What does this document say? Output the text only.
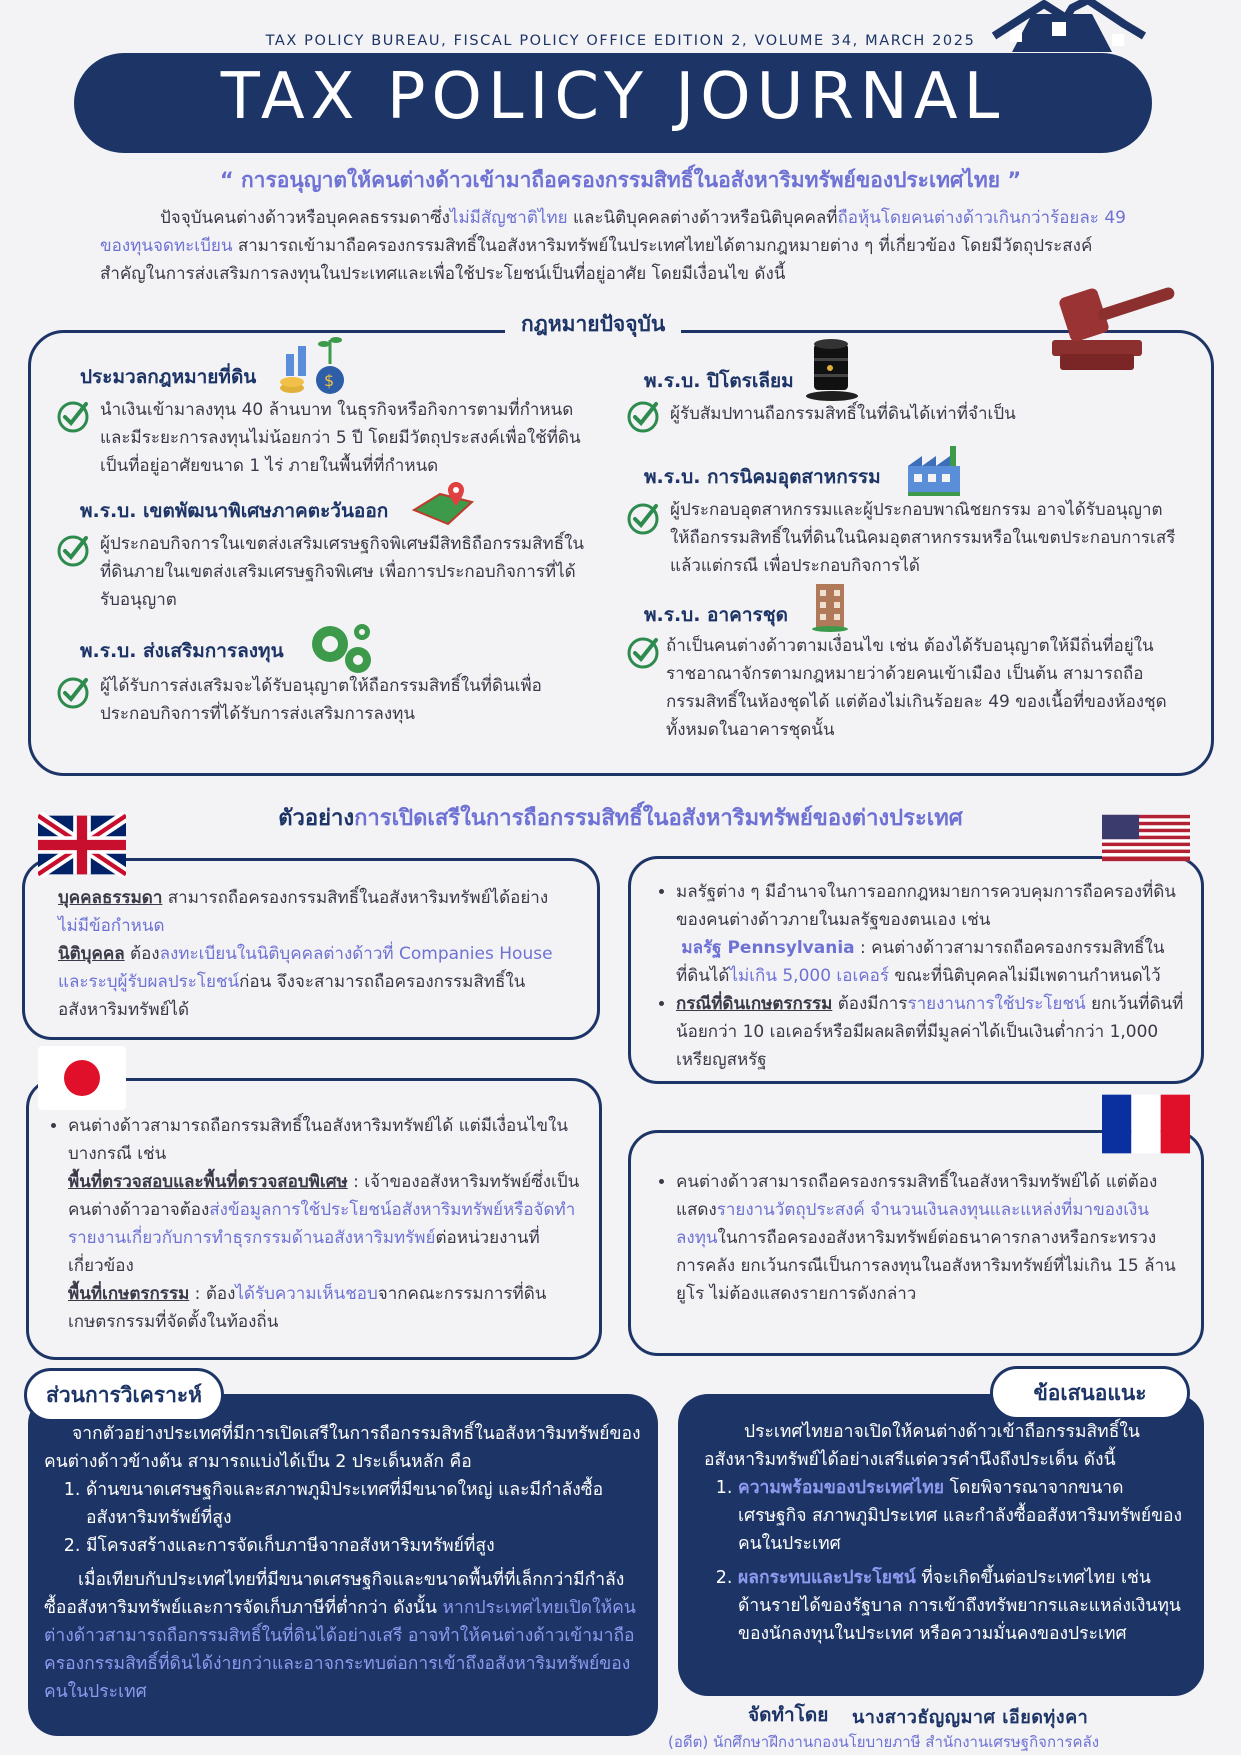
TAX POLICY BUREAU, FISCAL POLICY OFFICE EDITION 2, VOLUME 34, MARCH 2025
TAX POLICY JOURNAL
“ การอนุญาตให้คนต่างด้าวเข้ามาถือครองกรรมสิทธิ์ในอสังหาริมทรัพย์ของประเทศไทย ”

ปัจจุบันคนต่างด้าวหรือบุคคลธรรมดาซึ่งไม่มีสัญชาติไทย และนิติบุคคลต่างด้าวหรือนิติบุคคลที่ถือหุ้นโดยคนต่างด้าวเกินกว่าร้อยละ 49 ของทุนจดทะเบียน สามารถเข้ามาถือครองกรรมสิทธิ์ในอสังหาริมทรัพย์ในประเทศไทยได้ตามกฎหมายต่าง ๆ ที่เกี่ยวข้อง โดยมีวัตถุประสงค์สำคัญในการส่งเสริมการลงทุนในประเทศและเพื่อใช้ประโยชน์เป็นที่อยู่อาศัย โดยมีเงื่อนไข ดังนี้

กฎหมายปัจจุบัน
ประมวลกฎหมายที่ดิน	$

นำเงินเข้ามาลงทุน 40 ล้านบาท ในธุรกิจหรือกิจการตามที่กำหนดและมีระยะการลงทุนไม่น้อยกว่า 5 ปี โดยมีวัตถุประสงค์เพื่อใช้ที่ดินเป็นที่อยู่อาศัยขนาด 1 ไร่ ภายในพื้นที่ที่กำหนด

พ.ร.บ. เขตพัฒนาพิเศษภาคตะวันออก

ผู้ประกอบกิจการในเขตส่งเสริมเศรษฐกิจพิเศษมีสิทธิถือกรรมสิทธิ์ในที่ดินภายในเขตส่งเสริมเศรษฐกิจพิเศษ เพื่อการประกอบกิจการที่ได้รับอนุญาต

พ.ร.บ. ส่งเสริมการลงทุน

ผู้ได้รับการส่งเสริมจะได้รับอนุญาตให้ถือกรรมสิทธิ์ในที่ดินเพื่อประกอบกิจการที่ได้รับการส่งเสริมการลงทุน

พ.ร.บ. ปิโตรเลียม

ผู้รับสัมปทานถือกรรมสิทธิ์ในที่ดินได้เท่าที่จำเป็น

พ.ร.บ. การนิคมอุตสาหกรรม

ผู้ประกอบอุตสาหกรรมและผู้ประกอบพาณิชยกรรม อาจได้รับอนุญาตให้ถือกรรมสิทธิ์ในที่ดินในนิคมอุตสาหกรรมหรือในเขตประกอบการเสรี แล้วแต่กรณี เพื่อประกอบกิจการได้

พ.ร.บ. อาคารชุด

ถ้าเป็นคนต่างด้าวตามเงื่อนไข เช่น ต้องได้รับอนุญาตให้มีถิ่นที่อยู่ในราชอาณาจักรตามกฎหมายว่าด้วยคนเข้าเมือง เป็นต้น สามารถถือกรรมสิทธิ์ในห้องชุดได้ แต่ต้องไม่เกินร้อยละ 49 ของเนื้อที่ของห้องชุดทั้งหมดในอาคารชุดนั้น

ตัวอย่างการเปิดเสรีในการถือกรรมสิทธิ์ในอสังหาริมทรัพย์ของต่างประเทศ

บุคคลธรรมดา สามารถถือครองกรรมสิทธิ์ในอสังหาริมทรัพย์ได้อย่างไม่มีข้อกำหนด

นิติบุคคล ต้องลงทะเบียนในนิติบุคคลต่างด้าวที่ Companies House และระบุผู้รับผลประโยชน์ก่อน จึงจะสามารถถือครองกรรมสิทธิ์ในอสังหาริมทรัพย์ได้

• มลรัฐต่าง ๆ มีอำนาจในการออกกฎหมายการควบคุมการถือครองที่ดินของคนต่างด้าวภายในมลรัฐของตนเอง เช่น
มลรัฐ Pennsylvania : คนต่างด้าวสามารถถือครองกรรมสิทธิ์ในที่ดินได้ไม่เกิน 5,000 เอเคอร์ ขณะที่นิติบุคคลไม่มีเพดานกำหนดไว้
• กรณีที่ดินเกษตรกรรม ต้องมีการรายงานการใช้ประโยชน์ ยกเว้นที่ดินที่น้อยกว่า 10 เอเคอร์หรือมีผลผลิตที่มีมูลค่าได้เป็นเงินต่ำกว่า 1,000 เหรียญสหรัฐ
• คนต่างด้าวสามารถถือกรรมสิทธิ์ในอสังหาริมทรัพย์ได้ แต่มีเงื่อนไขในบางกรณี เช่น
พื้นที่ตรวจสอบและพื้นที่ตรวจสอบพิเศษ : เจ้าของอสังหาริมทรัพย์ซึ่งเป็นคนต่างด้าวอาจต้องส่งข้อมูลการใช้ประโยชน์อสังหาริมทรัพย์หรือจัดทำรายงานเกี่ยวกับการทำธุรกรรมด้านอสังหาริมทรัพย์ต่อหน่วยงานที่เกี่ยวข้อง
พื้นที่เกษตรกรรม : ต้องได้รับความเห็นชอบจากคณะกรรมการที่ดินเกษตรกรรมที่จัดตั้งในท้องถิ่น
• คนต่างด้าวสามารถถือครองกรรมสิทธิ์ในอสังหาริมทรัพย์ได้ แต่ต้องแสดงรายงานวัตถุประสงค์ จำนวนเงินลงทุนและแหล่งที่มาของเงินลงทุนในการถือครองอสังหาริมทรัพย์ต่อธนาคารกลางหรือกระทรวงการคลัง ยกเว้นกรณีเป็นการลงทุนในอสังหาริมทรัพย์ที่ไม่เกิน 15 ล้านยูโร ไม่ต้องแสดงรายการดังกล่าว
ส่วนการวิเคราะห์

จากตัวอย่างประเทศที่มีการเปิดเสรีในการถือกรรมสิทธิ์ในอสังหาริมทรัพย์ของคนต่างด้าวข้างต้น สามารถแบ่งได้เป็น 2 ประเด็นหลัก คือ

1. ด้านขนาดเศรษฐกิจและสภาพภูมิประเทศที่มีขนาดใหญ่ และมีกำลังซื้ออสังหาริมทรัพย์ที่สูง
2. มีโครงสร้างและการจัดเก็บภาษีจากอสังหาริมทรัพย์ที่สูง

เมื่อเทียบกับประเทศไทยที่มีขนาดเศรษฐกิจและขนาดพื้นที่ที่เล็กกว่ามีกำลังซื้ออสังหาริมทรัพย์และการจัดเก็บภาษีที่ต่ำกว่า ดังนั้น หากประเทศไทยเปิดให้คนต่างด้าวสามารถถือกรรมสิทธิ์ในที่ดินได้อย่างเสรี อาจทำให้คนต่างด้าวเข้ามาถือครองกรรมสิทธิ์ที่ดินได้ง่ายกว่าและอาจกระทบต่อการเข้าถึงอสังหาริมทรัพย์ของคนในประเทศ

ข้อเสนอแนะ

ประเทศไทยอาจเปิดให้คนต่างด้าวเข้าถือกรรมสิทธิ์ในอสังหาริมทรัพย์ได้อย่างเสรีแต่ควรคำนึงถึงประเด็น ดังนี้

1. ความพร้อมของประเทศไทย โดยพิจารณาจากขนาดเศรษฐกิจ สภาพภูมิประเทศ และกำลังซื้ออสังหาริมทรัพย์ของคนในประเทศ
2. ผลกระทบและประโยชน์ ที่จะเกิดขึ้นต่อประเทศไทย เช่น ด้านรายได้ของรัฐบาล การเข้าถึงทรัพยากรและแหล่งเงินทุนของนักลงทุนในประเทศ หรือความมั่นคงของประเทศ
จัดทำโดย นางสาวธัญญมาศ เอียดทุ่งคา
(อดีต) นักศึกษาฝึกงานกองนโยบายภาษี สำนักงานเศรษฐกิจการคลัง
